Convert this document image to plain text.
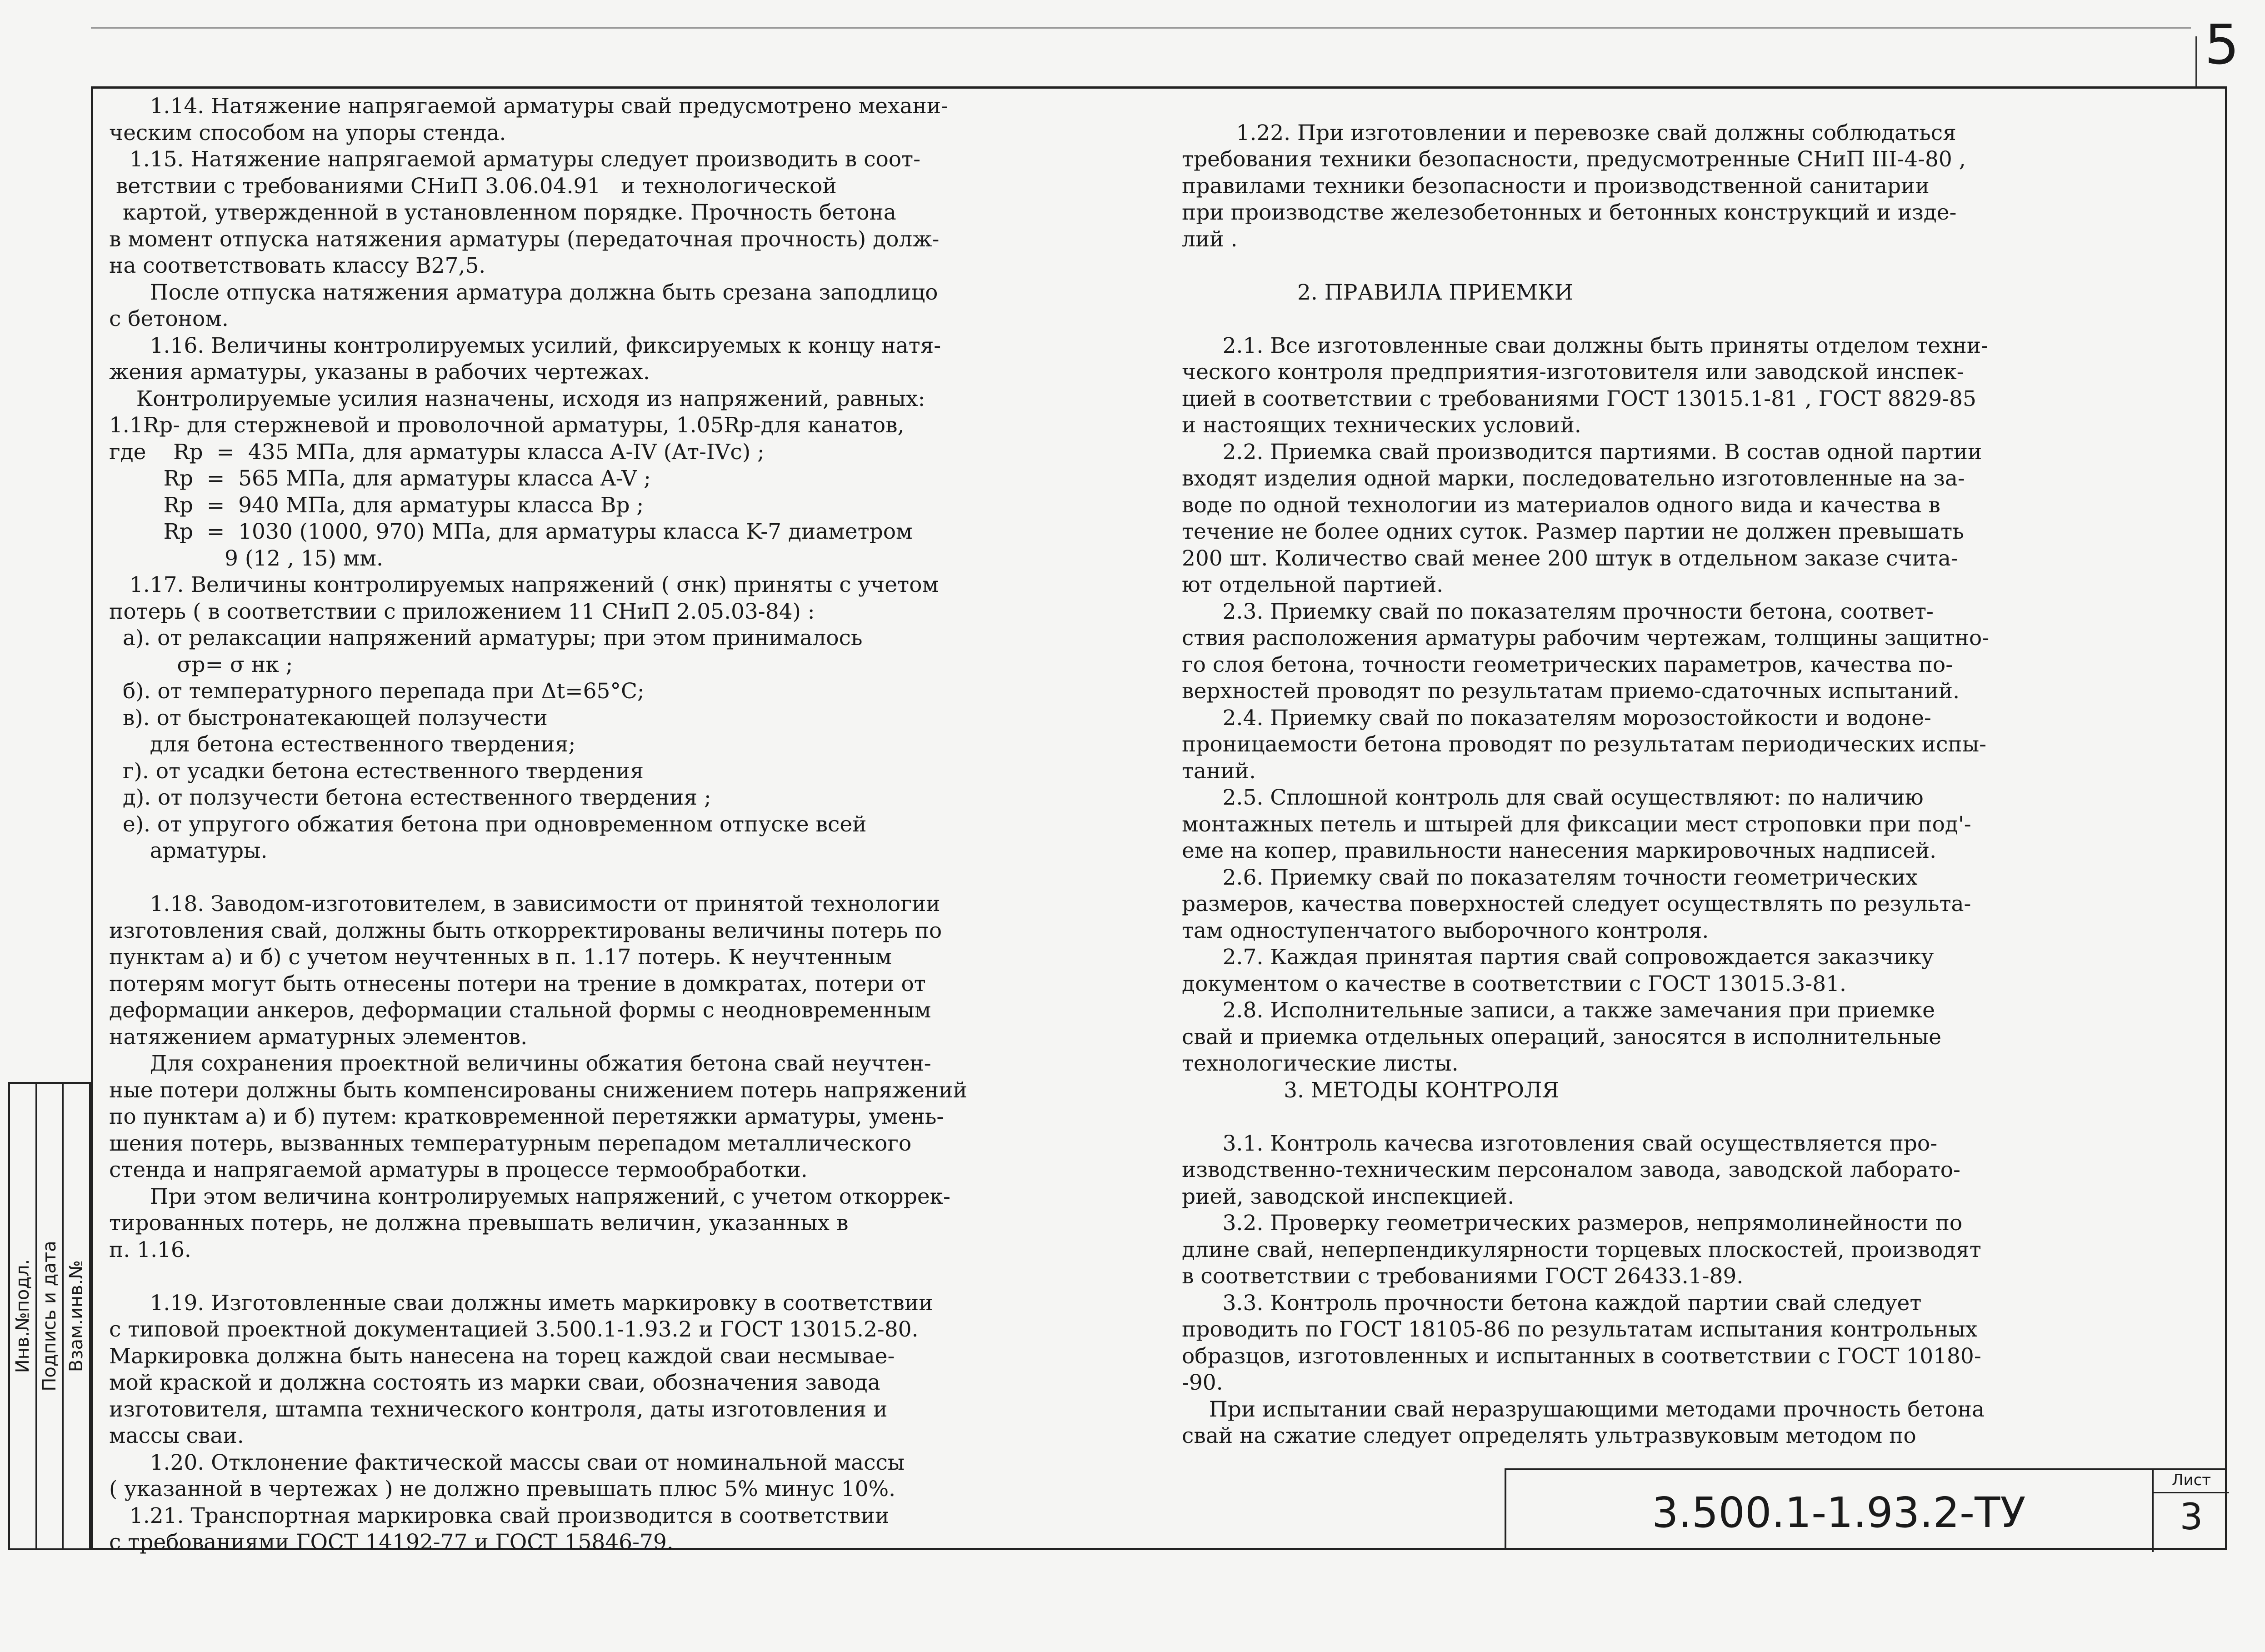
5
1.14. Натяжение напрягаемой арматуры свай предусмотрено механи-
ческим способом на упоры стенда.
1.15. Натяжение напрягаемой арматуры следует производить в соот-
ветствии с требованиями СНиП 3.06.04.91   и технологической
картой, утвержденной в установленном порядке. Прочность бетона
в момент отпуска натяжения арматуры (передаточная прочность) долж-
на соответствовать классу B27,5.
После отпуска натяжения арматура должна быть срезана заподлицо
с бетоном.
1.16. Величины контролируемых усилий, фиксируемых к концу натя-
жения арматуры, указаны в рабочих чертежах.
Контролируемые усилия назначены, исходя из напряжений, равных:
1.1Rp- для стержневой и проволочной арматуры, 1.05Rp-для канатов,
где    Rp  =  435 МПа, для арматуры класса A-IV (Aт-IVc) ;
Rp  =  565 МПа, для арматуры класса A-V ;
Rp  =  940 МПа, для арматуры класса Bp ;
Rp  =  1030 (1000, 970) МПа, для арматуры класса K-7 диаметром
9 (12 , 15) мм.
1.17. Величины контролируемых напряжений ( σнк) приняты с учетом
потерь ( в соответствии с приложением 11 СНиП 2.05.03-84) :
а). от релаксации напряжений арматуры; при этом принималось
σр= σ нк ;
б). от температурного перепада при Δt=65°C;
в). от быстронатекающей ползучести
для бетона естественного твердения;
г). от усадки бетона естественного твердения
д). от ползучести бетона естественного твердения ;
е). от упругого обжатия бетона при одновременном отпуске всей
арматуры.
1.18. Заводом-изготовителем, в зависимости от принятой технологии
изготовления свай, должны быть откорректированы величины потерь по
пунктам а) и б) с учетом неучтенных в п. 1.17 потерь. К неучтенным
потерям могут быть отнесены потери на трение в домкратах, потери от
деформации анкеров, деформации стальной формы с неодновременным
натяжением арматурных элементов.
Для сохранения проектной величины обжатия бетона свай неучтен-
ные потери должны быть компенсированы снижением потерь напряжений
по пунктам а) и б) путем: кратковременной перетяжки арматуры, умень-
шения потерь, вызванных температурным перепадом металлического
стенда и напрягаемой арматуры в процессе термообработки.
При этом величина контролируемых напряжений, с учетом откоррек-
тированных потерь, не должна превышать величин, указанных в
п. 1.16.
1.19. Изготовленные сваи должны иметь маркировку в соответствии
с типовой проектной документацией 3.500.1-1.93.2 и ГОСТ 13015.2-80.
Маркировка должна быть нанесена на торец каждой сваи несмывае-
мой краской и должна состоять из марки сваи, обозначения завода
изготовителя, штампа технического контроля, даты изготовления и
массы сваи.
1.20. Отклонение фактической массы сваи от номинальной массы
( указанной в чертежах ) не должно превышать плюс 5% минус 10%.
1.21. Транспортная маркировка свай производится в соответствии
с требованиями ГОСТ 14192-77 и ГОСТ 15846-79.
1.22. При изготовлении и перевозке свай должны соблюдаться
требования техники безопасности, предусмотренные СНиП III-4-80 ,
правилами техники безопасности и производственной санитарии
при производстве железобетонных и бетонных конструкций и изде-
лий .
2. ПРАВИЛА ПРИЕМКИ
2.1. Все изготовленные сваи должны быть приняты отделом техни-
ческого контроля предприятия-изготовителя или заводской инспек-
цией в соответствии с требованиями ГОСТ 13015.1-81 , ГОСТ 8829-85
и настоящих технических условий.
2.2. Приемка свай производится партиями. В состав одной партии
входят изделия одной марки, последовательно изготовленные на за-
воде по одной технологии из материалов одного вида и качества в
течение не более одних суток. Размер партии не должен превышать
200 шт. Количество свай менее 200 штук в отдельном заказе счита-
ют отдельной партией.
2.3. Приемку свай по показателям прочности бетона, соответ-
ствия расположения арматуры рабочим чертежам, толщины защитно-
го слоя бетона, точности геометрических параметров, качества по-
верхностей проводят по результатам приемо-сдаточных испытаний.
2.4. Приемку свай по показателям морозостойкости и водоне-
проницаемости бетона проводят по результатам периодических испы-
таний.
2.5. Сплошной контроль для свай осуществляют: по наличию
монтажных петель и штырей для фиксации мест строповки при под'-
еме на копер, правильности нанесения маркировочных надписей.
2.6. Приемку свай по показателям точности геометрических
размеров, качества поверхностей следует осуществлять по результа-
там одноступенчатого выборочного контроля.
2.7. Каждая принятая партия свай сопровождается заказчику
документом о качестве в соответствии с ГОСТ 13015.3-81.
2.8. Исполнительные записи, а также замечания при приемке
свай и приемка отдельных операций, заносятся в исполнительные
технологические листы.
3. МЕТОДЫ КОНТРОЛЯ
3.1. Контроль качесва изготовления свай осуществляется про-
изводственно-техническим персоналом завода, заводской лаборато-
рией, заводской инспекцией.
3.2. Проверку геометрических размеров, непрямолинейности по
длине свай, неперпендикулярности торцевых плоскостей, производят
в соответствии с требованиями ГОСТ 26433.1-89.
3.3. Контроль прочности бетона каждой партии свай следует
проводить по ГОСТ 18105-86 по результатам испытания контрольных
образцов, изготовленных и испытанных в соответствии с ГОСТ 10180-
-90.
При испытании свай неразрушающими методами прочность бетона
свай на сжатие следует определять ультразвуковым методом по
Инв.№подл. Подпись и дата Взам.инв.№
3.500.1-1.93.2-ТУ
Лист
3
